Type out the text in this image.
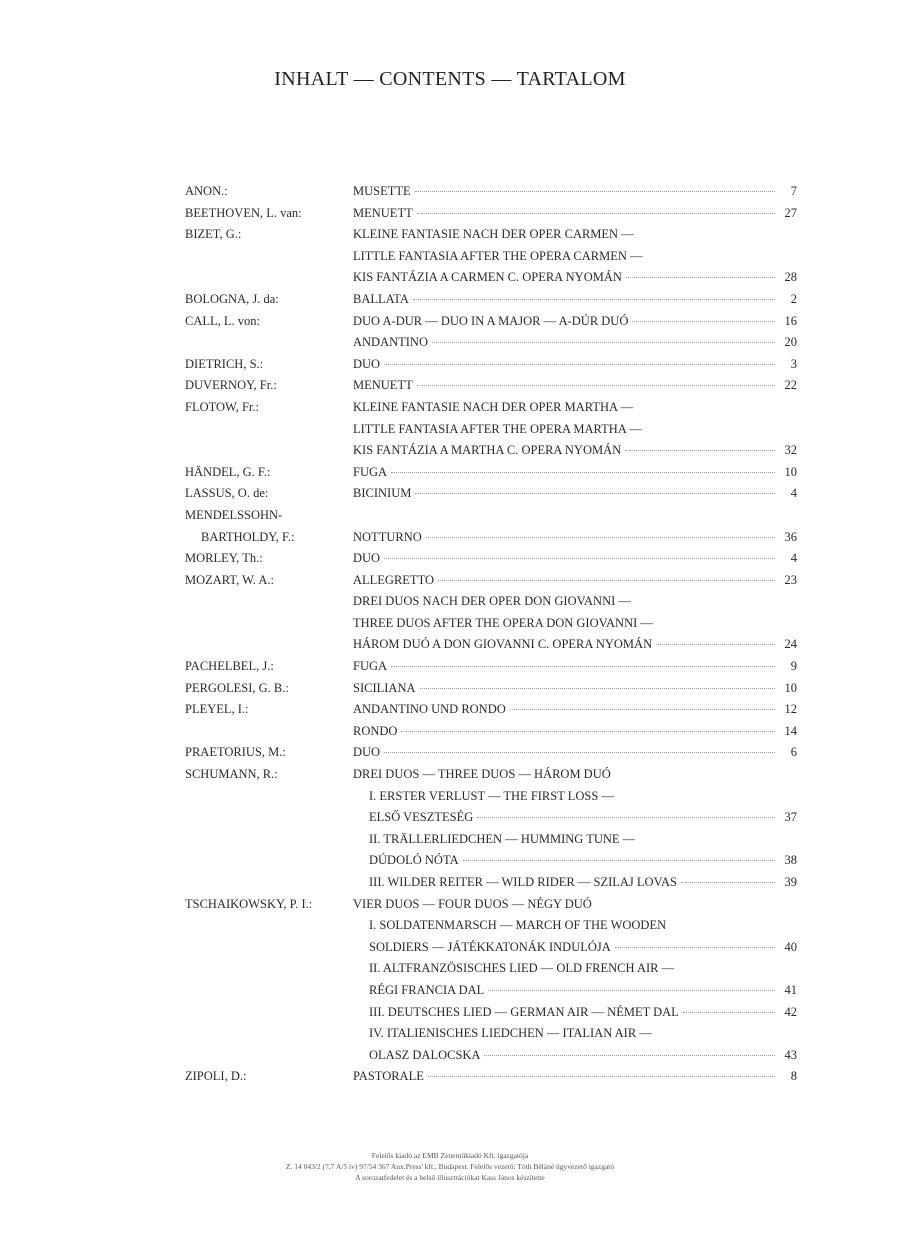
INHALT — CONTENTS — TARTALOM
ANON.:	MUSETTE	7
BEETHOVEN, L. van:	MENUETT	27
BIZET, G.:	KLEINE FANTASIE NACH DER OPER CARMEN —
LITTLE FANTASIA AFTER THE OPERA CARMEN —
KIS FANTÁZIA A CARMEN C. OPERA NYOMÁN	28
BOLOGNA, J. da:	BALLATA	2
CALL, L. von:	DUO A-DUR — DUO IN A MAJOR — A-DÚR DUÓ	16
ANDANTINO	20
DIETRICH, S.:	DUO	3
DUVERNOY, Fr.:	MENUETT	22
FLOTOW, Fr.:	KLEINE FANTASIE NACH DER OPER MARTHA —
LITTLE FANTASIA AFTER THE OPERA MARTHA —
KIS FANTÁZIA A MARTHA C. OPERA NYOMÁN	32
HÄNDEL, G. F.:	FUGA	10
LASSUS, O. de:	BICINIUM	4
MENDELSSOHN-
BARTHOLDY, F.:	NOTTURNO	36
MORLEY, Th.:	DUO	4
MOZART, W. A.:	ALLEGRETTO	23
DREI DUOS NACH DER OPER DON GIOVANNI —
THREE DUOS AFTER THE OPERA DON GIOVANNI —
HÁROM DUÓ A DON GIOVANNI C. OPERA NYOMÁN	24
PACHELBEL, J.:	FUGA	9
PERGOLESI, G. B.:	SICILIANA	10
PLEYEL, I.:	ANDANTINO UND RONDO	12
RONDO	14
PRAETORIUS, M.:	DUO	6
SCHUMANN, R.:	DREI DUOS — THREE DUOS — HÁROM DUÓ
I. ERSTER VERLUST — THE FIRST LOSS —
ELSŐ VESZTESÉG	37
II. TRÄLLERLIEDCHEN — HUMMING TUNE —
DÚDOLÓ NÓTA	38
III. WILDER REITER — WILD RIDER — SZILAJ LOVAS	39
TSCHAIKOWSKY, P. I.:	VIER DUOS — FOUR DUOS — NÉGY DUÓ
I. SOLDATENMARSCH — MARCH OF THE WOODEN
SOLDIERS — JÁTÉKKATONÁK INDULÓJA	40
II. ALTFRANZÖSISCHES LIED — OLD FRENCH AIR —
RÉGI FRANCIA DAL	41
III. DEUTSCHES LIED — GERMAN AIR — NÉMET DAL	42
IV. ITALIENISCHES LIEDCHEN — ITALIAN AIR —
OLASZ DALOCSKA	43
ZIPOLI, D.:	PASTORALE	8
Felelős kiadó az EMB Zeneműkiadó Kft. igazgatója
Z. 14 043/2 (7,7 A/5 ív) 97/54 367 Aux.Press' kft., Budapest. Felelős vezető: Tóth Béláné ügyvezető igazgató
A sorozatfedelet és a belső illusztrációkat Kass János készítette
